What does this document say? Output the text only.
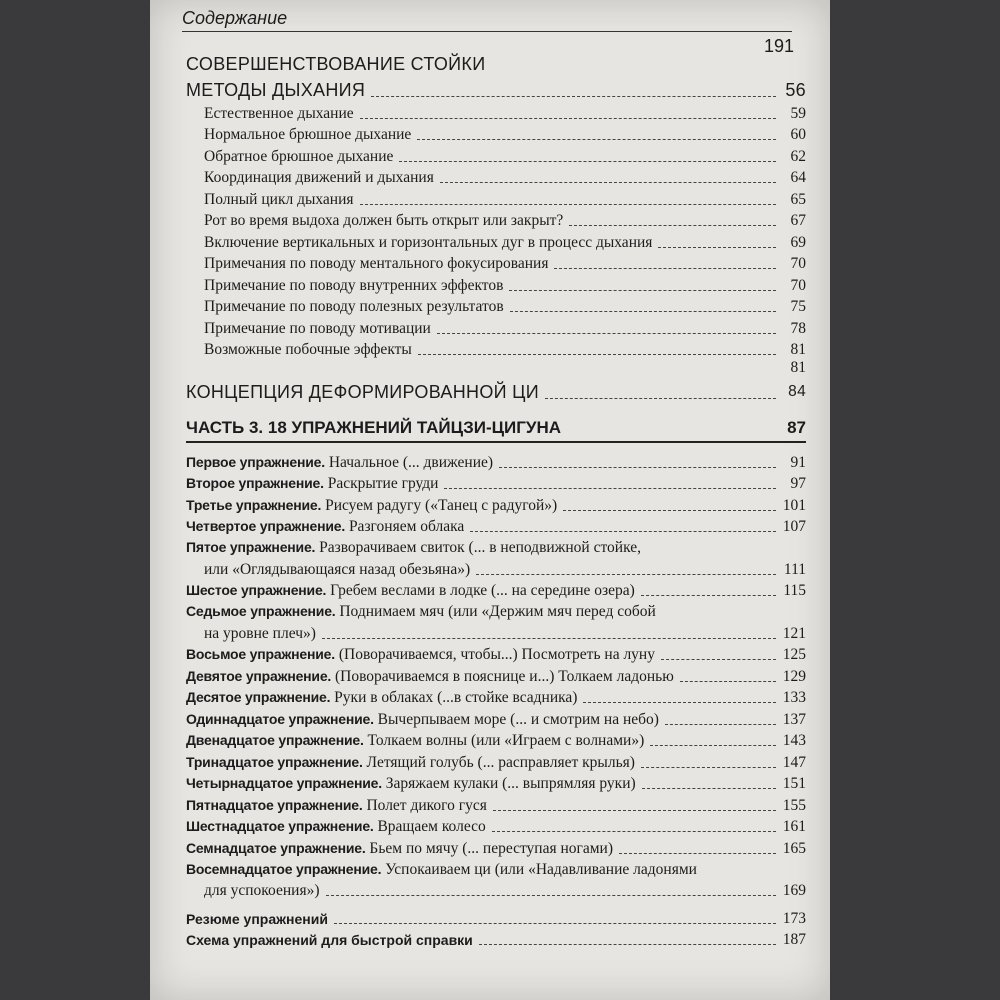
Содержание
191
СОВЕРШЕНСТВОВАНИЕ СТОЙКИ
МЕТОДЫ ДЫХАНИЯ	56
Естественное дыхание	59
Нормальное брюшное дыхание	60
Обратное брюшное дыхание	62
Координация движений и дыхания	64
Полный цикл дыхания	65
Рот во время выдоха должен быть открыт или закрыт?	67
Включение вертикальных и горизонтальных дуг в процесс дыхания	69
Примечания по поводу ментального фокусирования	70
Примечание по поводу внутренних эффектов	70
Примечание по поводу полезных результатов	75
Примечание по поводу мотивации	78
Возможные побочные эффекты	81
81
КОНЦЕПЦИЯ ДЕФОРМИРОВАННОЙ ЦИ	84
ЧАСТЬ 3. 18 УПРАЖНЕНИЙ ТАЙЦЗИ-ЦИГУНА	87
Первое упражнение. Начальное (... движение)	91
Второе упражнение. Раскрытие груди	97
Третье упражнение. Рисуем радугу («Танец с радугой»)	101
Четвертое упражнение. Разгоняем облака	107
Пятое упражнение. Разворачиваем свиток (... в неподвижной стойке,
или «Оглядывающаяся назад обезьяна»)	111
Шестое упражнение. Гребем веслами в лодке (... на середине озера)	115
Седьмое упражнение. Поднимаем мяч (или «Держим мяч перед собой
на уровне плеч»)	121
Восьмое упражнение. (Поворачиваемся, чтобы...) Посмотреть на луну	125
Девятое упражнение. (Поворачиваемся в пояснице и...) Толкаем ладонью	129
Десятое упражнение. Руки в облаках (...в стойке всадника)	133
Одиннадцатое упражнение. Вычерпываем море (... и смотрим на небо)	137
Двенадцатое упражнение. Толкаем волны (или «Играем с волнами»)	143
Тринадцатое упражнение. Летящий голубь (... расправляет крылья)	147
Четырнадцатое упражнение. Заряжаем кулаки (... выпрямляя руки)	151
Пятнадцатое упражнение. Полет дикого гуся	155
Шестнадцатое упражнение. Вращаем колесо	161
Семнадцатое упражнение. Бьем по мячу (... переступая ногами)	165
Восемнадцатое упражнение. Успокаиваем ци (или «Надавливание ладонями
для успокоения»)	169
Резюме упражнений	173
Схема упражнений для быстрой справки	187
